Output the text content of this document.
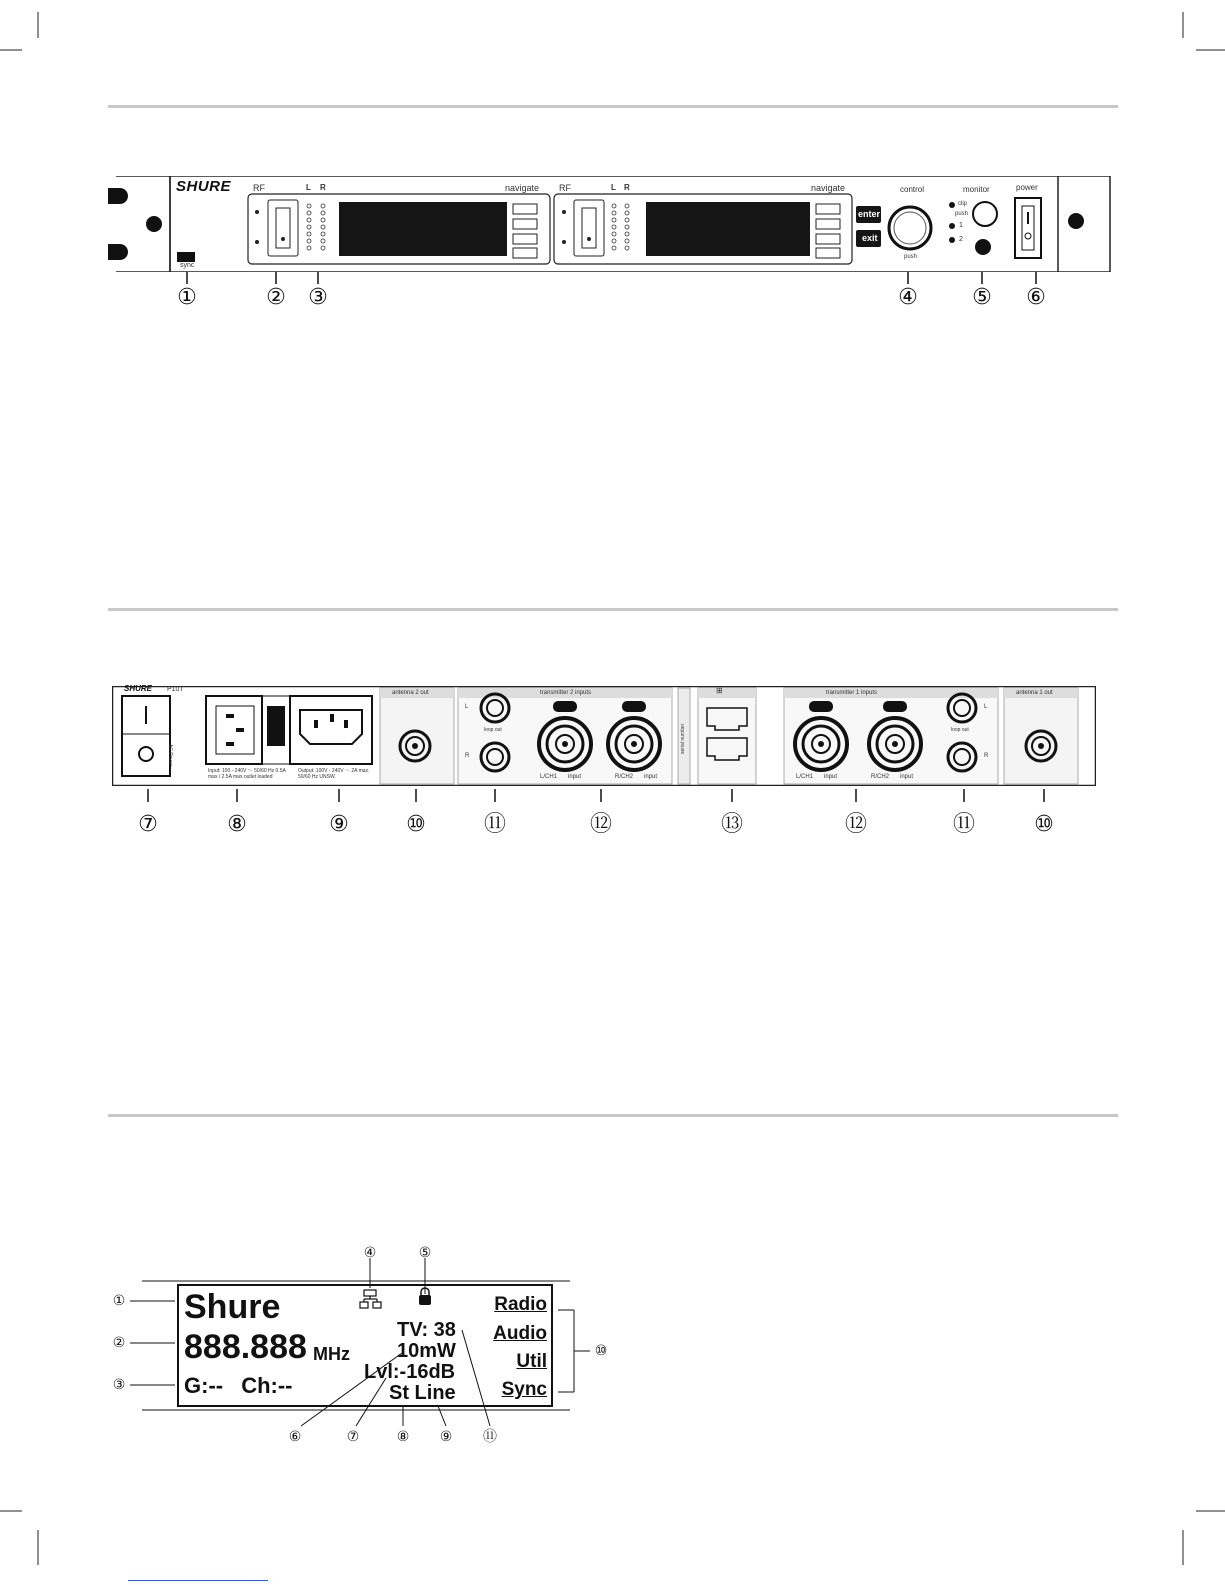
SHURE
sync
RF	L R	navigate RF	L R	navigate
enter
exit
control
push
monitor
clip
push
1
2
power
①	② ③	④ ⑤ ⑥
SHURE P10T
AC Power
Input: 100 - 240V ～ 50/60 Hz 0.5A max / 2.5A max outlet loaded
Output: 100V - 240V ～ 2A max. 50/60 Hz UNSW.
antenna 2 out	transmitter 2 inputs
L
R
loop out
L/CH1 input	R/CH2 input
serial number
⊞	transmitter 1 inputs
L/CH1 input	R/CH2 input
loop out
L
R
antenna 1 out
⑦	⑧	⑨	⑩	⑪	⑫	⑬	⑫	⑪	⑩
①
②
③
④	⑤
⑥	⑦	⑧ ⑨ ⑪
⑩
Shure
888.888 MHz
G:-- Ch:--
TV: 38
10mW
Lvl:-16dB
St Line
Radio
Audio
Util
Sync
